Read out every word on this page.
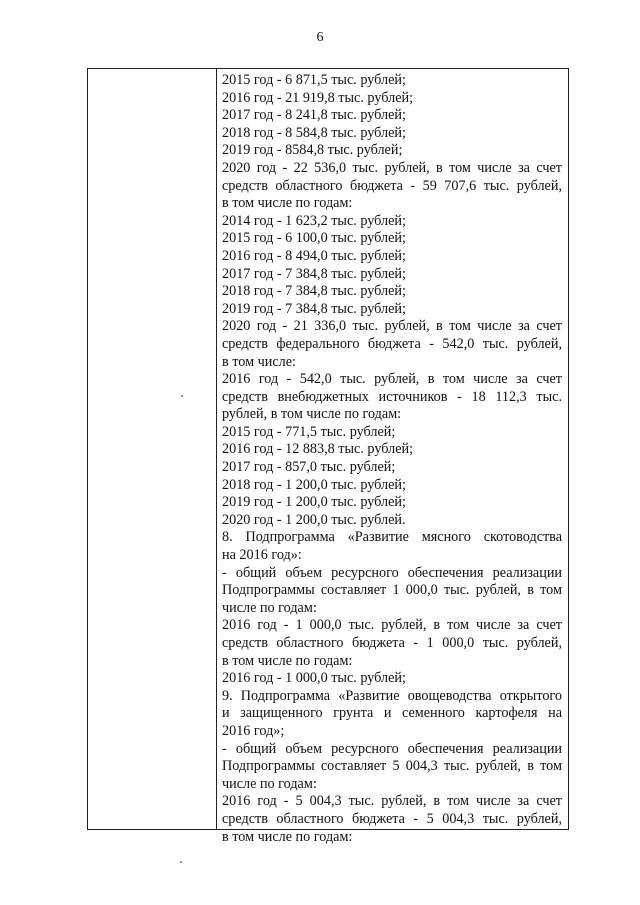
6
2015 год - 6 871,5 тыс. рублей;
2016 год - 21 919,8 тыс. рублей;
2017 год - 8 241,8 тыс. рублей;
2018 год - 8 584,8 тыс. рублей;
2019 год - 8584,8 тыс. рублей;
2020 год - 22 536,0 тыс. рублей, в том числе за счет
средств областного бюджета - 59 707,6 тыс. рублей,
в том числе по годам:
2014 год - 1 623,2 тыс. рублей;
2015 год - 6 100,0 тыс. рублей;
2016 год - 8 494,0 тыс. рублей;
2017 год - 7 384,8 тыс. рублей;
2018 год - 7 384,8 тыс. рублей;
2019 год - 7 384,8 тыс. рублей;
2020 год - 21 336,0 тыс. рублей, в том числе за счет
средств федерального бюджета - 542,0 тыс. рублей,
в том числе:
2016 год - 542,0 тыс. рублей, в том числе за счет
средств внебюджетных источников - 18 112,3 тыс.
рублей, в том числе по годам:
2015 год - 771,5 тыс. рублей;
2016 год - 12 883,8 тыс. рублей;
2017 год - 857,0 тыс. рублей;
2018 год - 1 200,0 тыс. рублей;
2019 год - 1 200,0 тыс. рублей;
2020 год - 1 200,0 тыс. рублей.
8. Подпрограмма «Развитие мясного скотоводства
на 2016 год»:
- общий объем ресурсного обеспечения реализации
Подпрограммы составляет 1 000,0 тыс. рублей, в том
числе по годам:
2016 год - 1 000,0 тыс. рублей, в том числе за счет
средств областного бюджета - 1 000,0 тыс. рублей,
в том числе по годам:
2016 год - 1 000,0 тыс. рублей;
9. Подпрограмма «Развитие овощеводства открытого
и защищенного грунта и семенного картофеля на
2016 год»;
- общий объем ресурсного обеспечения реализации
Подпрограммы составляет 5 004,3 тыс. рублей, в том
числе по годам:
2016 год - 5 004,3 тыс. рублей, в том числе за счет
средств областного бюджета - 5 004,3 тыс. рублей,
в том числе по годам:
